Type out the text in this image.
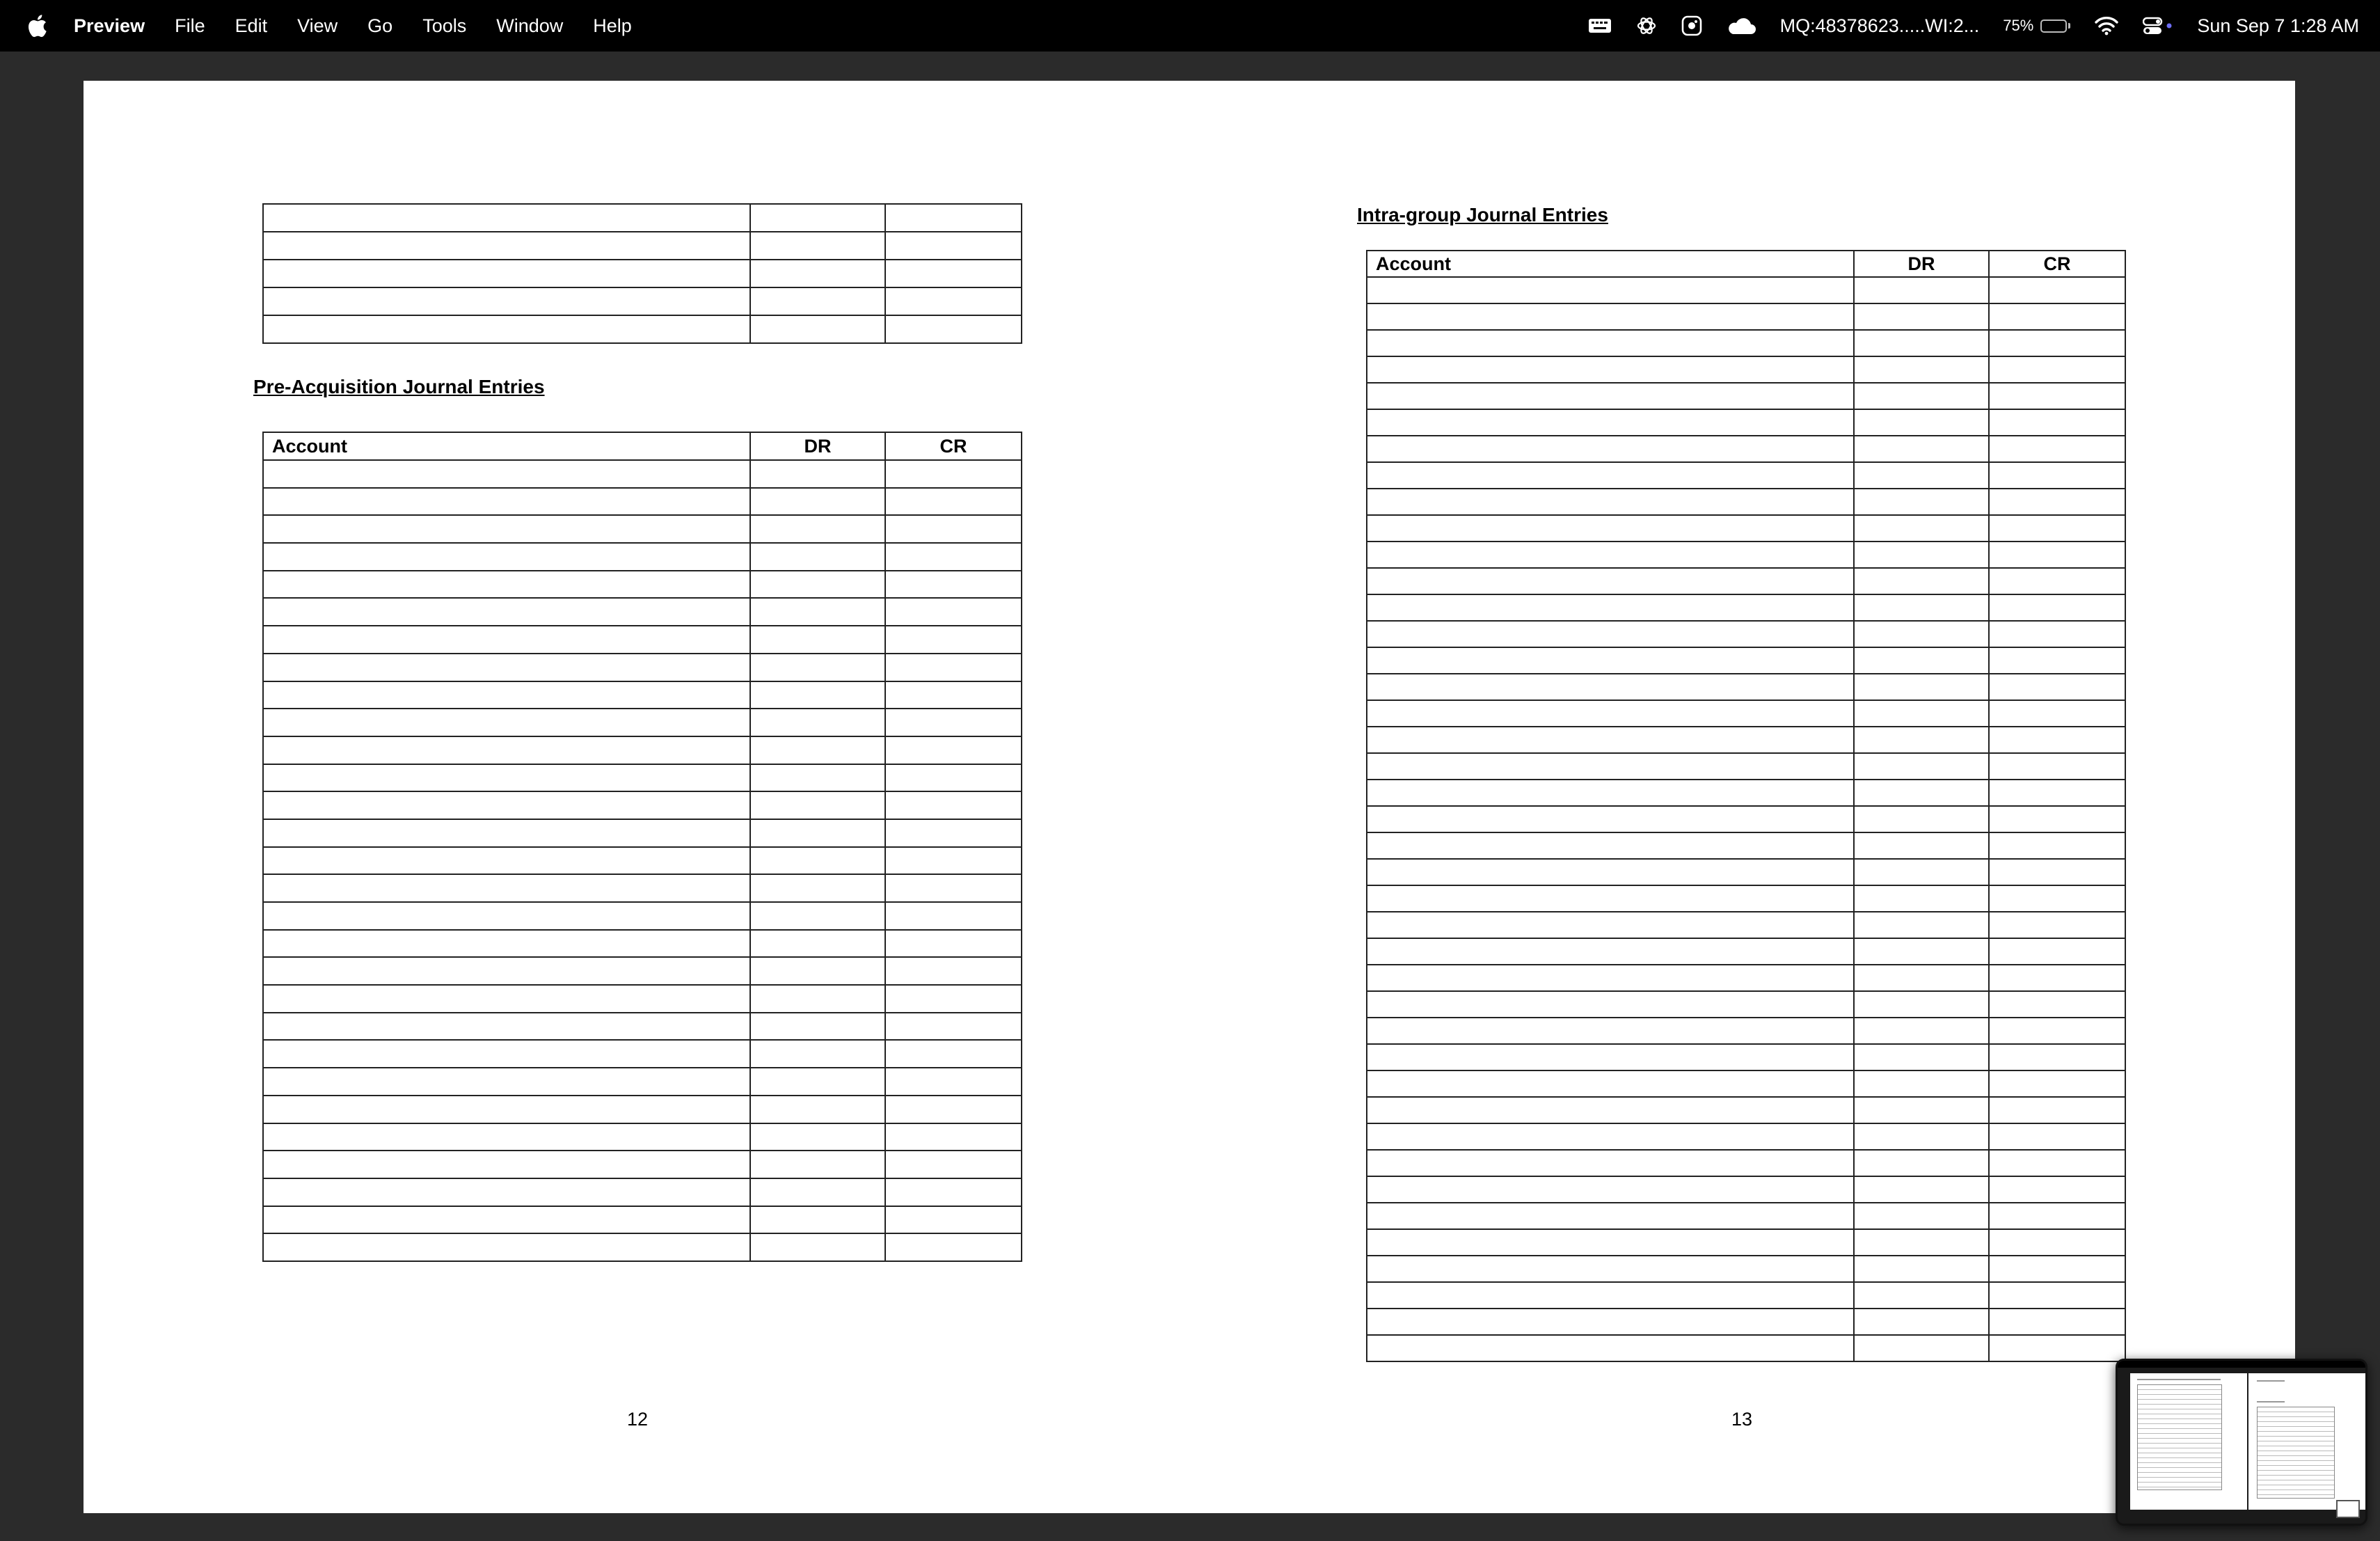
Preview File Edit View Go Tools Window Help	MQ:48378623.....WI:2... 75%	Sun Sep 7 1:28 AM

Pre-Acquisition Journal Entries
Account	DR	CR

12
Intra-group Journal Entries
Account	DR	CR

13
